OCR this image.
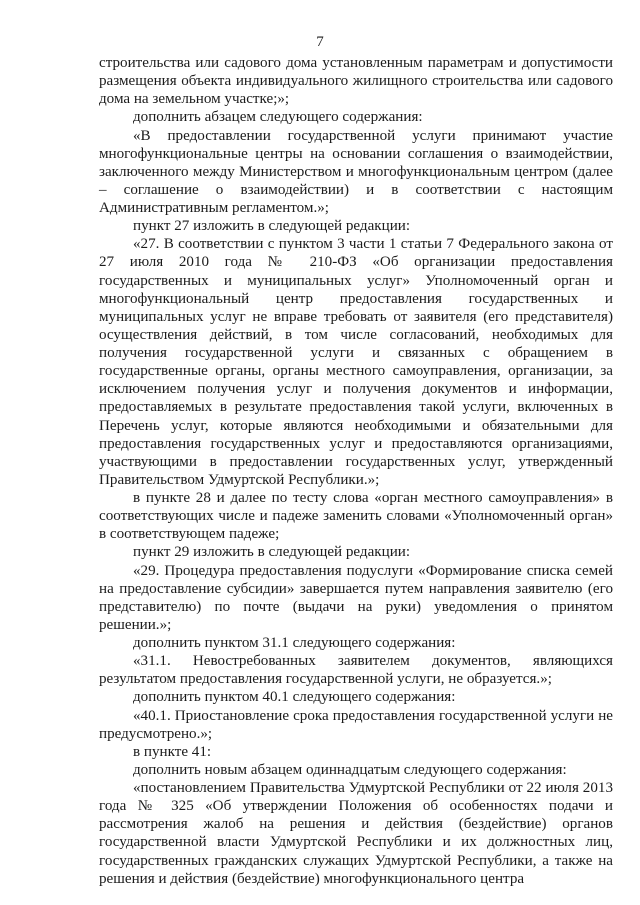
7

строительства или садового дома установленным параметрам и допустимости размещения объекта индивидуального жилищного строительства или садового дома на земельном участке;»;

дополнить абзацем следующего содержания:

«В предоставлении государственной услуги принимают участие многофункциональные центры на основании соглашения о взаимодействии, заключенного между Министерством и многофункциональным центром (далее – соглашение о взаимодействии) и в соответствии с настоящим Административным регламентом.»;

пункт 27 изложить в следующей редакции:

«27. В соответствии с пунктом 3 части 1 статьи 7 Федерального закона от 27 июля 2010 года № 210-ФЗ «Об организации предоставления государственных и муниципальных услуг» Уполномоченный орган и многофункциональный центр предоставления государственных и муниципальных услуг не вправе требовать от заявителя (его представителя) осуществления действий, в том числе согласований, необходимых для получения государственной услуги и связанных с обращением в государственные органы, органы местного самоуправления, организации, за исключением получения услуг и получения документов и информации, предоставляемых в результате предоставления такой услуги, включенных в Перечень услуг, которые являются необходимыми и обязательными для предоставления государственных услуг и предоставляются организациями, участвующими в предоставлении государственных услуг, утвержденный Правительством Удмуртской Республики.»;

в пункте 28 и далее по тесту слова «орган местного самоуправления» в соответствующих числе и падеже заменить словами «Уполномоченный орган» в соответствующем падеже;

пункт 29 изложить в следующей редакции:

«29. Процедура предоставления подуслуги «Формирование списка семей на предоставление субсидии» завершается путем направления заявителю (его представителю) по почте (выдачи на руки) уведомления о принятом решении.»;

дополнить пунктом 31.1 следующего содержания:

«31.1. Невостребованных заявителем документов, являющихся результатом предоставления государственной услуги, не образуется.»;

дополнить пунктом 40.1 следующего содержания:

«40.1. Приостановление срока предоставления государственной услуги не предусмотрено.»;

в пункте 41:

дополнить новым абзацем одиннадцатым следующего содержания:

«постановлением Правительства Удмуртской Республики от 22 июля 2013 года № 325 «Об утверждении Положения об особенностях подачи и рассмотрения жалоб на решения и действия (бездействие) органов государственной власти Удмуртской Республики и их должностных лиц, государственных гражданских служащих Удмуртской Республики, а также на решения и действия (бездействие) многофункционального центра
